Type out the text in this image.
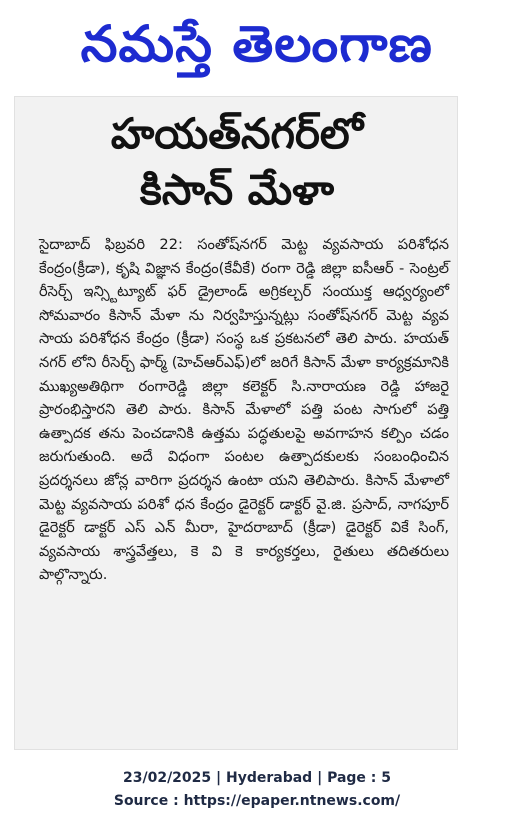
నమస్తే తెలంగాణ
హయత్‌నగర్‌లో
కిసాన్ మేళా
సైదాబాద్ ఫిబ్రవరి 22: సంతోష్‌నగర్ మెట్ట వ్యవసాయ పరిశోధన కేంద్రం(క్రీడా), కృషి విజ్ఞాన కేంద్రం(కేవీకే) రంగా రెడ్డి జిల్లా ఐసీఆర్ - సెంట్రల్ రీసెర్చ్ ఇన్స్టిట్యూట్ ఫర్ డ్రైలాండ్ అగ్రికల్చర్ సంయుక్త ఆధ్వర్యంలో సోమవారం కిసాన్ మేళా ను నిర్వహిస్తున్నట్లు సంతోష్‌నగర్ మెట్ట వ్యవ సాయ పరిశోధన కేంద్రం (క్రీడా) సంస్థ ఒక ప్రకటనలో తెలి పారు. హయత్ నగర్ లోని రీసెర్చ్ ఫార్మ్ (హెచ్ఆర్ఎఫ్)లో జరిగే కిసాన్ మేళా కార్యక్రమానికి ముఖ్యఅతిథిగా రంగారెడ్డి జిల్లా కలెక్టర్ సి.నారాయణ రెడ్డి హాజరై ప్రారంభిస్తారని తెలి పారు. కిసాన్ మేళాలో పత్తి పంట సాగులో పత్తి ఉత్పాదక తను పెంచడానికి ఉత్తమ పద్ధతులపై అవగాహన కల్పిం చడం జరుగుతుంది. అదే విధంగా పంటల ఉత్పాదకులకు సంబంధించిన ప్రదర్శనలు జోన్ల వారిగా ప్రదర్శన ఉంటా యని తెలిపారు. కిసాన్ మేళాలో మెట్ట వ్యవసాయ పరిశో ధన కేంద్రం డైరెక్టర్ డాక్టర్ వై.జి. ప్రసాద్, నాగపూర్ డైరెక్టర్ డాక్టర్ ఎస్ ఎన్ మీరా, హైదరాబాద్ (క్రీడా) డైరెక్టర్ వికే సింగ్, వ్యవసాయ శాస్త్రవేత్తలు, కె వి కె కార్యకర్తలు, రైతులు తదితరులు పాల్గొన్నారు.
23/02/2025 | Hyderabad | Page : 5
Source : https://epaper.ntnews.com/
